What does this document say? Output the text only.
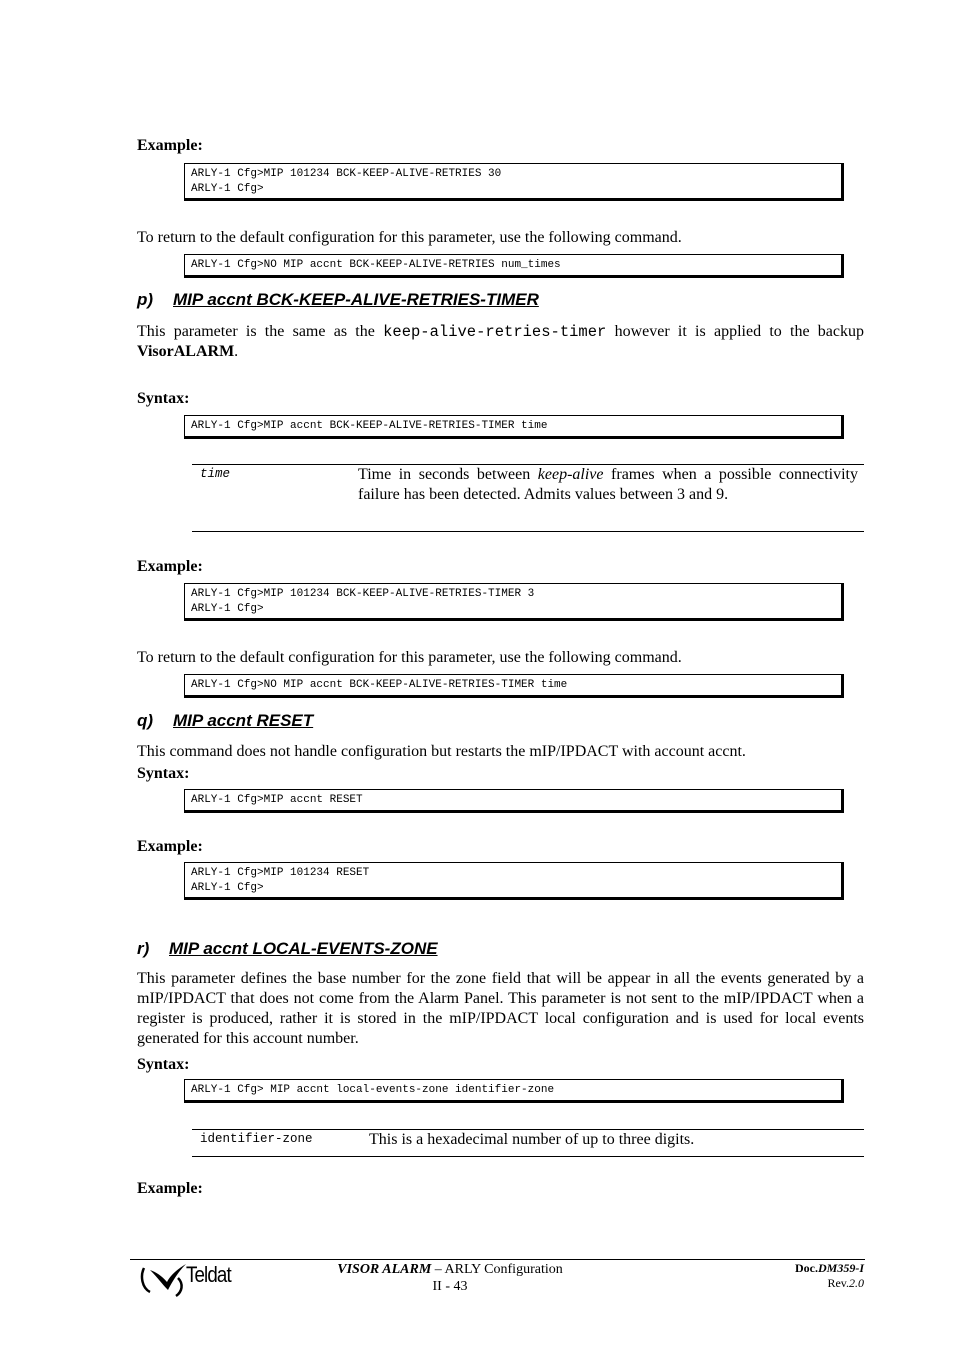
Example:
ARLY-1 Cfg>MIP 101234 BCK-KEEP-ALIVE-RETRIES 30
ARLY-1 Cfg>
To return to the default configuration for this parameter, use the following command.
ARLY-1 Cfg>NO MIP accnt BCK-KEEP-ALIVE-RETRIES num_times
p) MIP accnt BCK-KEEP-ALIVE-RETRIES-TIMER
This parameter is the same as the keep-alive-retries-timer however it is applied to the backup VisorALARM.
Syntax:
ARLY-1 Cfg>MIP accnt BCK-KEEP-ALIVE-RETRIES-TIMER time
time	Time in seconds between keep-alive frames when a possible connectivity failure has been detected. Admits values between 3 and 9.
Example:
ARLY-1 Cfg>MIP 101234 BCK-KEEP-ALIVE-RETRIES-TIMER 3
ARLY-1 Cfg>
To return to the default configuration for this parameter, use the following command.
ARLY-1 Cfg>NO MIP accnt BCK-KEEP-ALIVE-RETRIES-TIMER time
q) MIP accnt RESET
This command does not handle configuration but restarts the mIP/IPDACT with account accnt.
Syntax:
ARLY-1 Cfg>MIP accnt RESET
Example:
ARLY-1 Cfg>MIP 101234 RESET
ARLY-1 Cfg>
r) MIP accnt LOCAL-EVENTS-ZONE
This parameter defines the base number for the zone field that will be appear in all the events generated by a mIP/IPDACT that does not come from the Alarm Panel. This parameter is not sent to the mIP/IPDACT when a register is produced, rather it is stored in the mIP/IPDACT local configuration and is used for local events generated for this account number.
Syntax:
ARLY-1 Cfg> MIP accnt local-events-zone identifier-zone
identifier-zone	This is a hexadecimal number of up to three digits.
Example:
Teldat	VISOR ALARM – ARLY Configuration
II - 43
Doc.DM359-I
Rev.2.0
